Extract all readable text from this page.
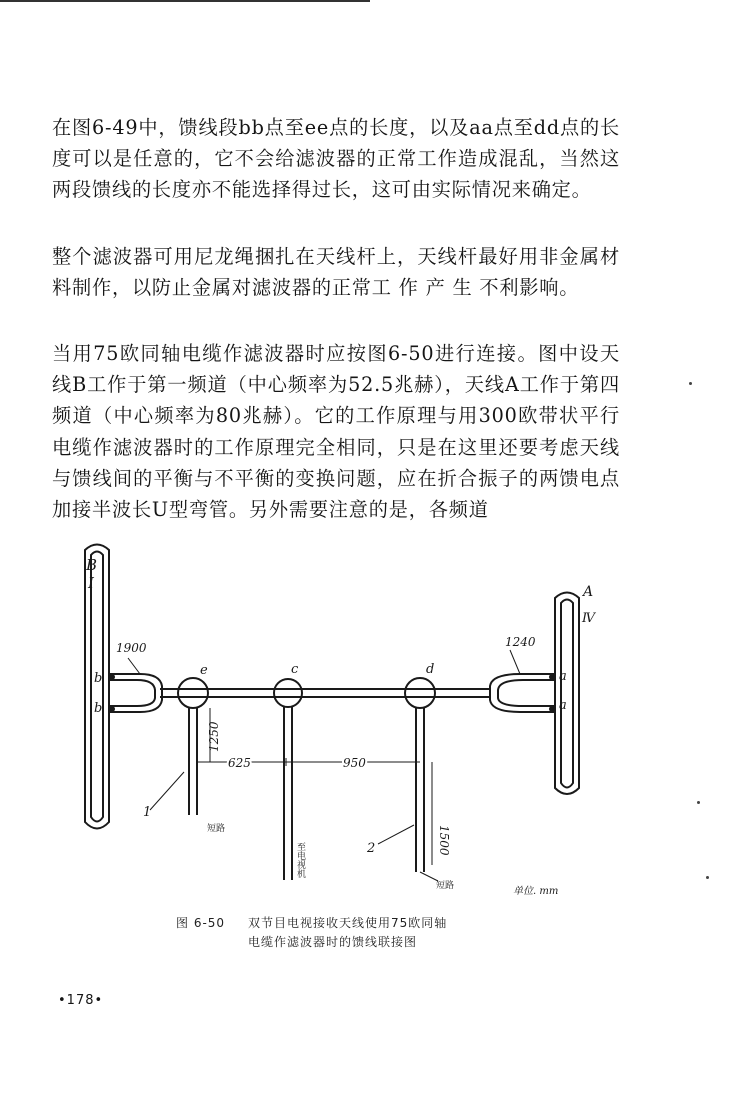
在图6-49中，馈线段bb点至ee点的长度，以及aa点至dd点的长度可以是任意的，它不会给滤波器的正常工作造成混乱，当然这两段馈线的长度亦不能选择得过长，这可由实际情况来确定。

整个滤波器可用尼龙绳捆扎在天线杆上，天线杆最好用非金属材料制作，以防止金属对滤波器的正常工 作 产 生 不利影响。

当用75欧同轴电缆作滤波器时应按图6-50进行连接。图中设天线B工作于第一频道（中心频率为52.5兆赫），天线A工作于第四频道（中心频率为80兆赫）。它的工作原理与用300欧带状平行电缆作滤波器时的工作原理完全相同，只是在这里还要考虑天线与馈线间的平衡与不平衡的变换问题，应在折合振子的两馈电点加接半波长U型弯管。另外需要注意的是，各频道

B
I	A
Ⅳ
1900	1240
b
b
a
a
e	c	d
1250
625	950
1500
1
2
短路
短路
至电视机
单位. mm
图 6-50 双节目电视接收天线使用75欧同轴电缆作滤波器时的馈线联接图
•178•
